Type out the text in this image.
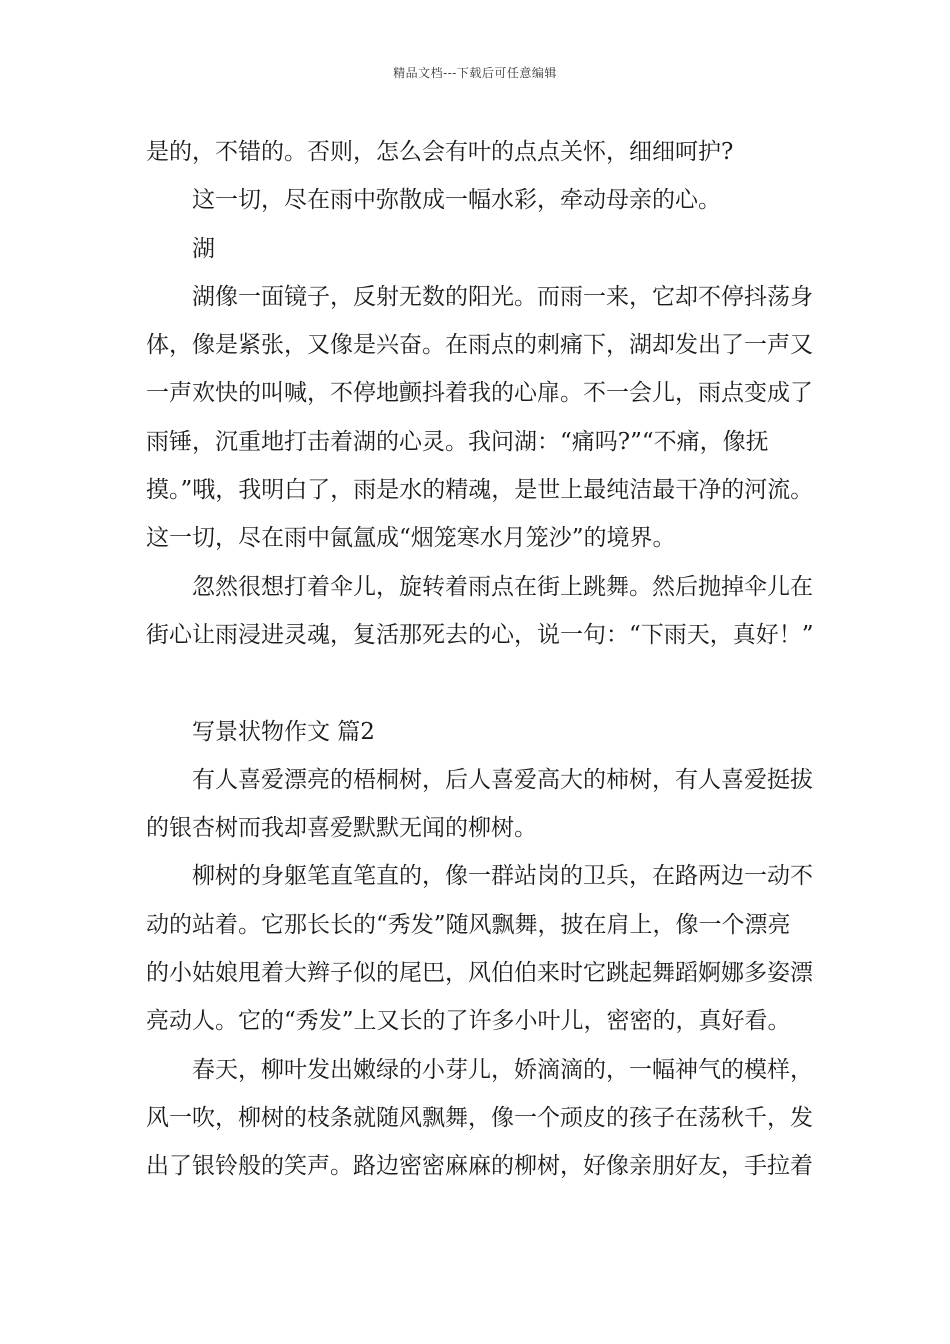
精品文档---下载后可任意编辑
是的，不错的。否则，怎么会有叶的点点关怀，细细呵护?
这一切，尽在雨中弥散成一幅水彩，牵动母亲的心。
湖
湖像一面镜子，反射无数的阳光。而雨一来，它却不停抖荡身
体，像是紧张，又像是兴奋。在雨点的刺痛下，湖却发出了一声又
一声欢快的叫喊，不停地颤抖着我的心扉。不一会儿，雨点变成了
雨锤，沉重地打击着湖的心灵。我问湖：“痛吗?”“不痛，像抚
摸。”哦，我明白了，雨是水的精魂，是世上最纯洁最干净的河流。
这一切，尽在雨中氤氲成“烟笼寒水月笼沙”的境界。
忽然很想打着伞儿，旋转着雨点在街上跳舞。然后抛掉伞儿在
街心让雨浸进灵魂，复活那死去的心，说一句：“下雨天，真好！”
写景状物作文 篇2
有人喜爱漂亮的梧桐树，后人喜爱高大的柿树，有人喜爱挺拔
的银杏树而我却喜爱默默无闻的柳树。
柳树的身躯笔直笔直的，像一群站岗的卫兵，在路两边一动不
动的站着。它那长长的“秀发”随风飘舞，披在肩上，像一个漂亮
的小姑娘甩着大辫子似的尾巴，风伯伯来时它跳起舞蹈婀娜多姿漂
亮动人。它的“秀发”上又长的了许多小叶儿，密密的，真好看。
春天，柳叶发出嫩绿的小芽儿，娇滴滴的，一幅神气的模样，
风一吹，柳树的枝条就随风飘舞，像一个顽皮的孩子在荡秋千，发
出了银铃般的笑声。路边密密麻麻的柳树，好像亲朋好友，手拉着
